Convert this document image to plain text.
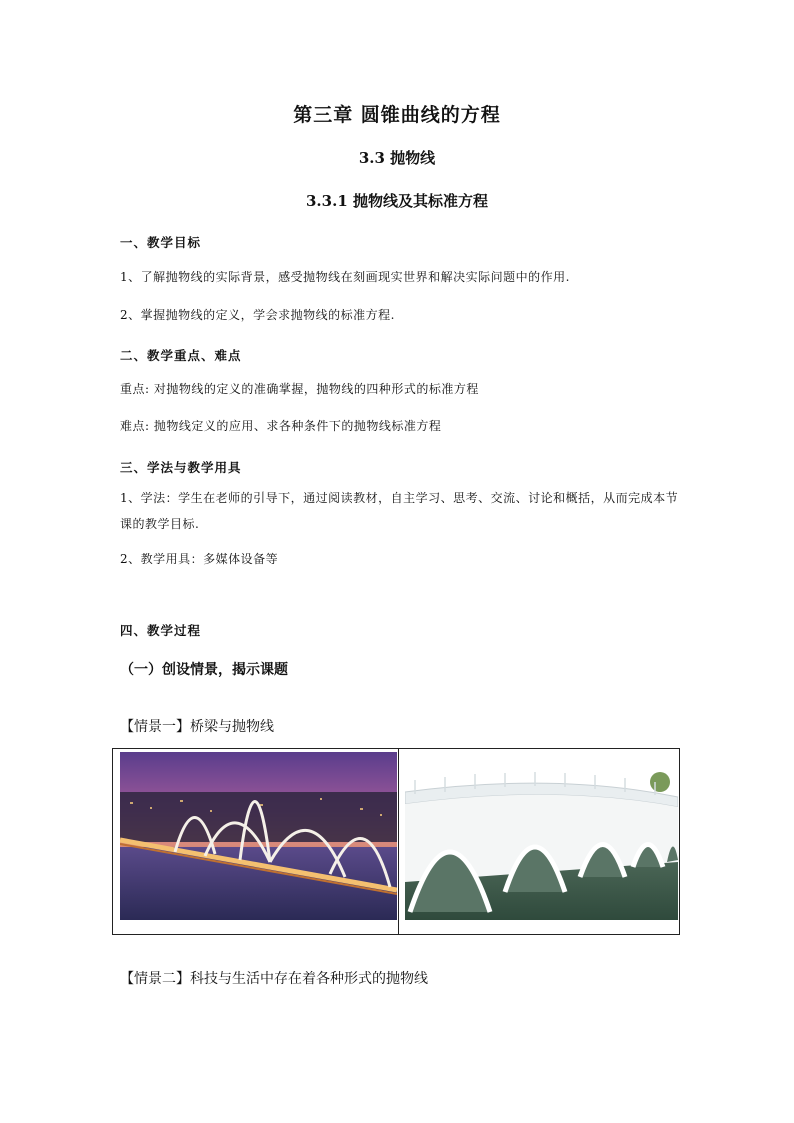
第三章 圆锥曲线的方程
3.3 抛物线
3.3.1 抛物线及其标准方程
一、教学目标
1、了解抛物线的实际背景，感受抛物线在刻画现实世界和解决实际问题中的作用.
2、掌握抛物线的定义，学会求抛物线的标准方程.
二、教学重点、难点
重点: 对抛物线的定义的准确掌握，抛物线的四种形式的标准方程
难点: 抛物线定义的应用、求各种条件下的抛物线标准方程
三、学法与教学用具
1、学法：学生在老师的引导下，通过阅读教材，自主学习、思考、交流、讨论和概括，从而完成本节课的教学目标.
2、教学用具：多媒体设备等
四、教学过程
（一）创设情景，揭示课题
【情景一】桥梁与抛物线
【情景二】科技与生活中存在着各种形式的抛物线
